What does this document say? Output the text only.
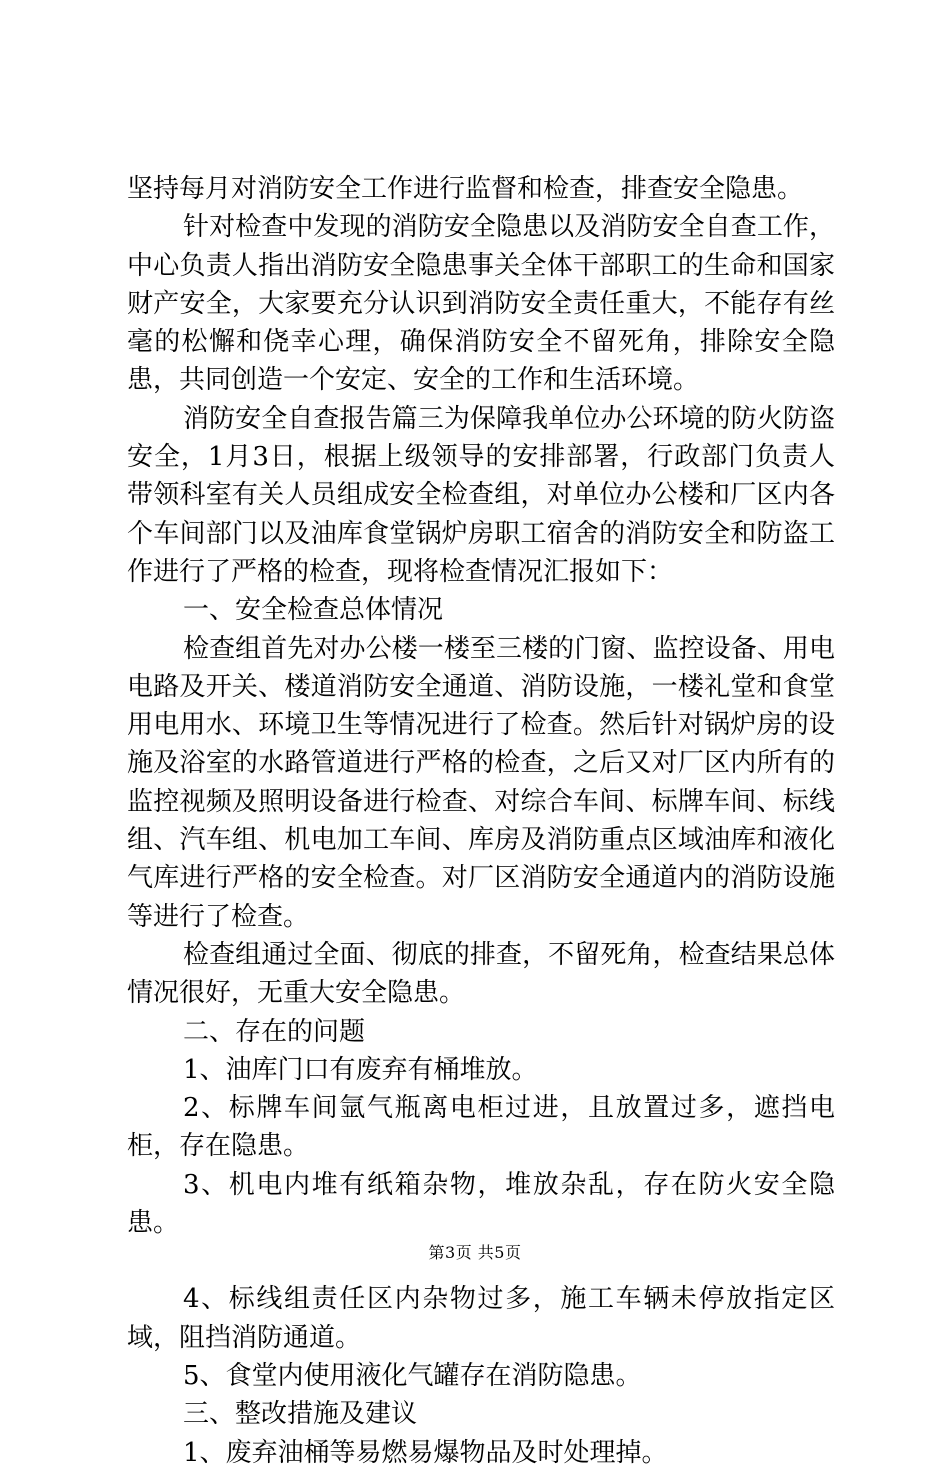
坚持每月对消防安全工作进行监督和检查，排查安全隐患。

针对检查中发现的消防安全隐患以及消防安全自查工作，中心负责人指出消防安全隐患事关全体干部职工的生命和国家财产安全，大家要充分认识到消防安全责任重大，不能存有丝毫的松懈和侥幸心理，确保消防安全不留死角，排除安全隐患，共同创造一个安定、安全的工作和生活环境。

消防安全自查报告篇三为保障我单位办公环境的防火防盗安全，1月3日，根据上级领导的安排部署，行政部门负责人带领科室有关人员组成安全检查组，对单位办公楼和厂区内各个车间部门以及油库食堂锅炉房职工宿舍的消防安全和防盗工作进行了严格的检查，现将检查情况汇报如下：

一、安全检查总体情况

检查组首先对办公楼一楼至三楼的门窗、监控设备、用电电路及开关、楼道消防安全通道、消防设施，一楼礼堂和食堂用电用水、环境卫生等情况进行了检查。然后针对锅炉房的设施及浴室的水路管道进行严格的检查，之后又对厂区内所有的监控视频及照明设备进行检查、对综合车间、标牌车间、标线组、汽车组、机电加工车间、库房及消防重点区域油库和液化气库进行严格的安全检查。对厂区消防安全通道内的消防设施等进行了检查。

检查组通过全面、彻底的排查，不留死角，检查结果总体情况很好，无重大安全隐患。

二、存在的问题

1、油库门口有废弃有桶堆放。

2、标牌车间氩气瓶离电柜过进，且放置过多，遮挡电柜，存在隐患。

3、机电内堆有纸箱杂物，堆放杂乱，存在防火安全隐患。

4、标线组责任区内杂物过多，施工车辆未停放指定区域，阻挡消防通道。

5、食堂内使用液化气罐存在消防隐患。

三、整改措施及建议

1、废弃油桶等易燃易爆物品及时处理掉。

第3页 共5页
